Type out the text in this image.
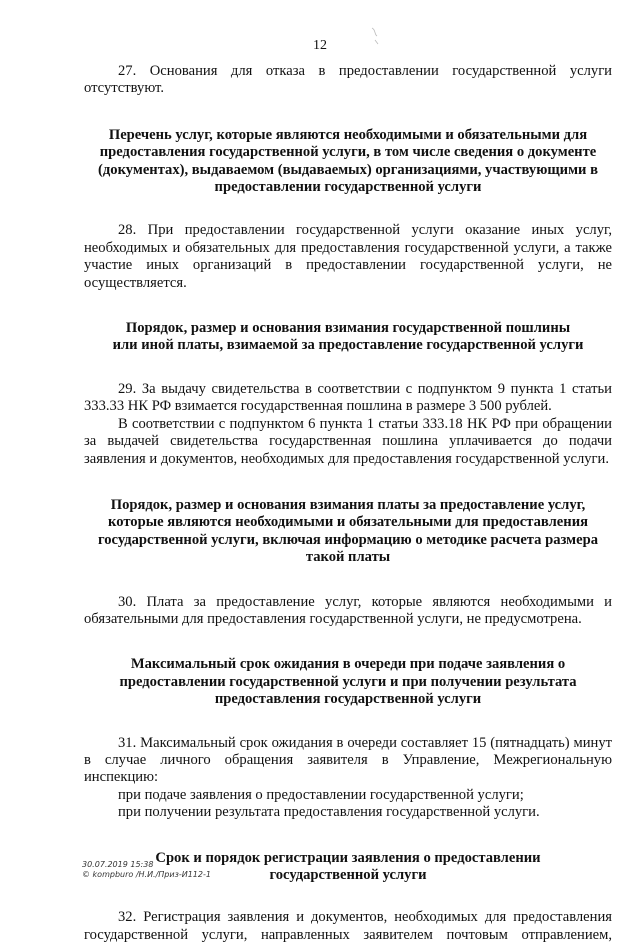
12

27. Основания для отказа в предоставлении государственной услуги отсутствуют.

Перечень услуг, которые являются необходимыми и обязательными для предоставления государственной услуги, в том числе сведения о документе (документах), выдаваемом (выдаваемых) организациями, участвующими в предоставлении государственной услуги

28. При предоставлении государственной услуги оказание иных услуг, необходимых и обязательных для предоставления государственной услуги, а также участие иных организаций в предоставлении государственной услуги, не осуществляется.

Порядок, размер и основания взимания государственной пошлины
или иной платы, взимаемой за предоставление государственной услуги

29. За выдачу свидетельства в соответствии с подпунктом 9 пункта 1 статьи 333.33 НК РФ взимается государственная пошлина в размере 3 500 рублей.

В соответствии с подпунктом 6 пункта 1 статьи 333.18 НК РФ при обращении за выдачей свидетельства государственная пошлина уплачивается до подачи заявления и документов, необходимых для предоставления государственной услуги.

Порядок, размер и основания взимания платы за предоставление услуг, которые являются необходимыми и обязательными для предоставления государственной услуги, включая информацию о методике расчета размера такой платы

30. Плата за предоставление услуг, которые являются необходимыми и обязательными для предоставления государственной услуги, не предусмотрена.

Максимальный срок ожидания в очереди при подаче заявления о предоставлении государственной услуги и при получении результата предоставления государственной услуги

31. Максимальный срок ожидания в очереди составляет 15 (пятнадцать) минут в случае личного обращения заявителя в Управление, Межрегиональную инспекцию:

при подаче заявления о предоставлении государственной услуги;

при получении результата предоставления государственной услуги.

Срок и порядок регистрации заявления о предоставлении
государственной услуги

32. Регистрация заявления и документов, необходимых для предоставления государственной услуги, направленных заявителем почтовым отправлением,

30.07.2019 15:38
© kompburo /Н.И./Приз-И112-1
